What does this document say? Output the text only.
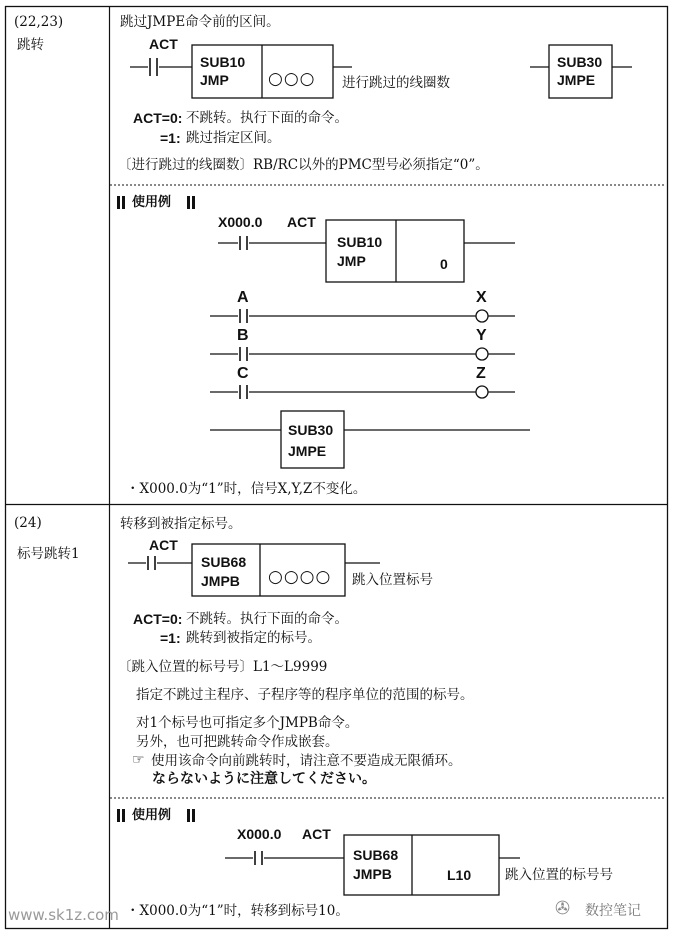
(22,23)
跳转
跳过JMPE命令前的区间。
ACT
SUB10
JMP ○○○ 进行跳过的线圈数
SUB30
JMPE
ACT=0: 不跳转。执行下面的命令。
=1: 跳过指定区间。
〔进行跳过的线圈数〕RB/RC以外的PMC型号必须指定“0”。
使用例
X000.0 ACT
SUB10
JMP	0
A
B
C
X
Y
Z
SUB30
JMPE
・X000.0为“1”时，信号X,Y,Z不变化。
(24)
标号跳转1
转移到被指定标号。
ACT
SUB68
JMPB ○○○○ 跳入位置标号
ACT=0: 不跳转。执行下面的命令。
=1: 跳转到被指定的标号。
〔跳入位置的标号号〕L1～L9999
指定不跳过主程序、子程序等的程序单位的范围的标号。
对1个标号也可指定多个JMPB命令。
另外，也可把跳转命令作成嵌套。
☞ 使用该命令向前跳转时，请注意不要造成无限循环。
ならないように注意してください。
使用例
X000.0 ACT
SUB68
JMPB	L10	跳入位置的标号号
・X000.0为“1”时，转移到标号10。
www.sk1z.com	✇ 数控笔记
